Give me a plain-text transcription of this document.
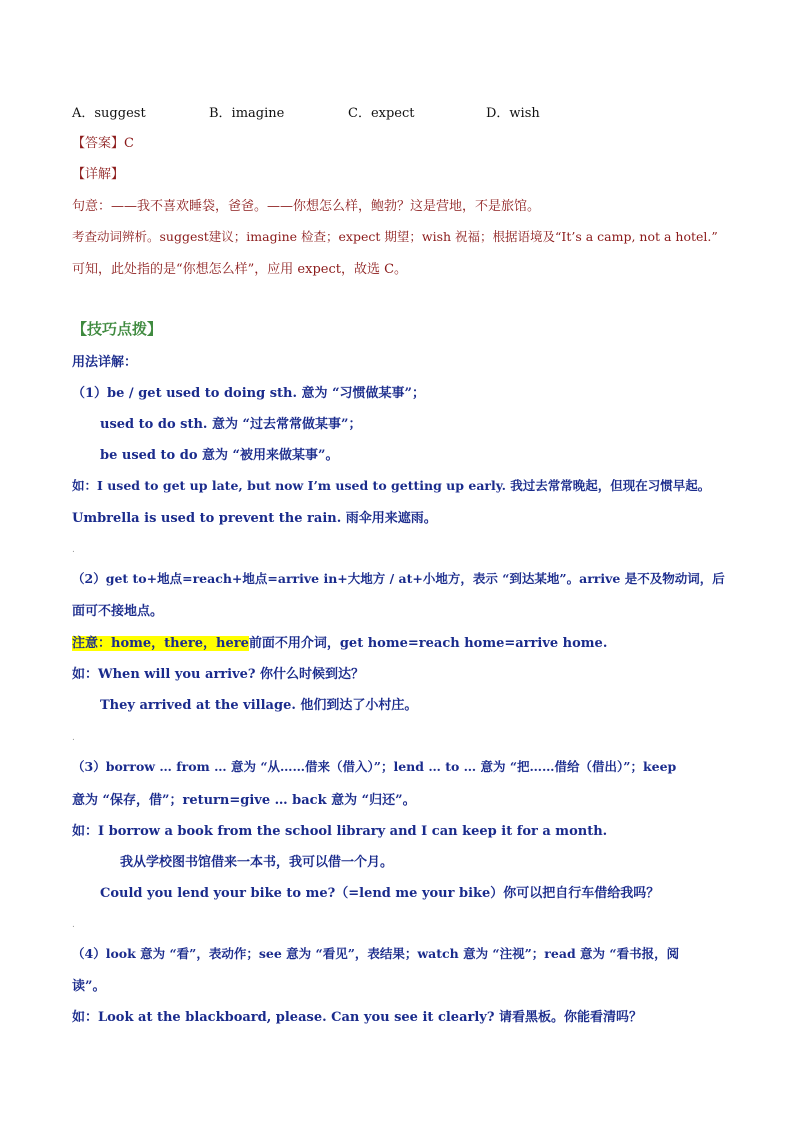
A．suggest	B．imagine	C．expect	D．wish
【答案】C
【详解】
句意：——我不喜欢睡袋，爸爸。——你想怎么样，鲍勃？这是营地，不是旅馆。
考查动词辨析。suggest建议；imagine 检查；expect 期望；wish 祝福；根据语境及“It’s a camp, not a hotel.”
可知，此处指的是“你想怎么样”，应用 expect，故选 C。
【技巧点拨】
用法详解：
（1）be / get used to doing sth. 意为 “习惯做某事”；
used to do sth. 意为 “过去常常做某事”；
be used to do 意为 “被用来做某事”。
如：I used to get up late, but now I’m used to getting up early. 我过去常常晚起，但现在习惯早起。
Umbrella is used to prevent the rain. 雨伞用来遮雨。
.
（2）get to+地点=reach+地点=arrive in+大地方 / at+小地方，表示 “到达某地”。arrive 是不及物动词，后
面可不接地点。
注意：home，there，here前面不用介词，get home=reach home=arrive home.
如：When will you arrive? 你什么时候到达？
They arrived at the village. 他们到达了小村庄。
.
（3）borrow … from … 意为 “从……借来（借入）”；lend … to … 意为 “把……借给（借出）”；keep
意为 “保存，借”；return=give … back 意为 “归还”。
如：I borrow a book from the school library and I can keep it for a month.
我从学校图书馆借来一本书，我可以借一个月。
Could you lend your bike to me?（=lend me your bike）你可以把自行车借给我吗？
.
（4）look 意为 “看”，表动作；see 意为 “看见”，表结果；watch 意为 “注视”；read 意为 “看书报，阅
读”。
如：Look at the blackboard, please. Can you see it clearly? 请看黑板。你能看清吗？
